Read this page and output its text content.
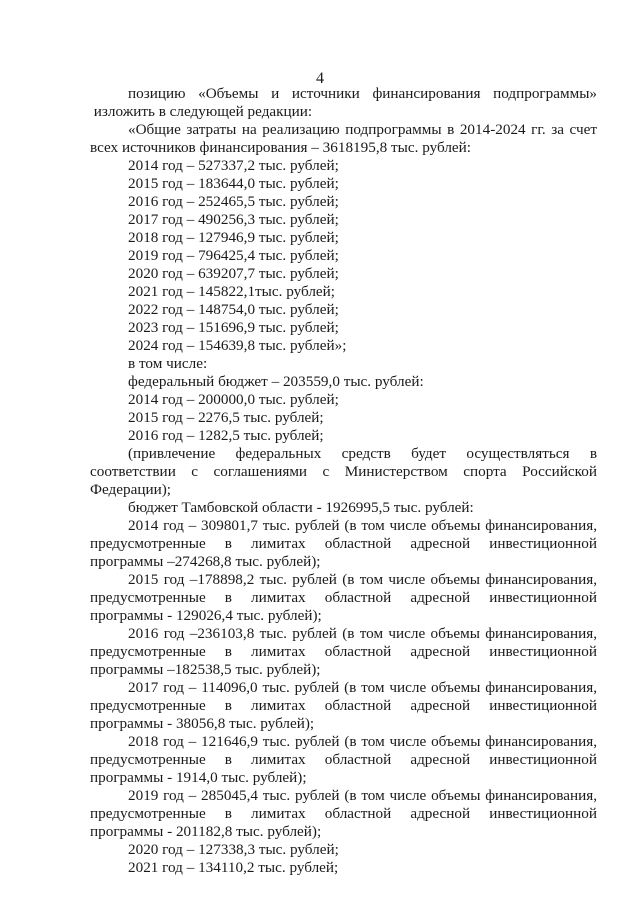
4

позицию «Объемы и источники финансирования подпрограммы»

изложить в следующей редакции:

«Общие затраты на реализацию подпрограммы в 2014-2024 гг. за счет

всех источников финансирования – 3618195,8 тыс. рублей:

2014 год – 527337,2 тыс. рублей;
2015 год – 183644,0 тыс. рублей;
2016 год – 252465,5 тыс. рублей;
2017 год – 490256,3 тыс. рублей;
2018 год – 127946,9 тыс. рублей;
2019 год – 796425,4 тыс. рублей;
2020 год – 639207,7 тыс. рублей;
2021 год – 145822,1тыс. рублей;
2022 год – 148754,0 тыс. рублей;
2023 год – 151696,9 тыс. рублей;
2024 год – 154639,8 тыс. рублей»;
в том числе:
федеральный бюджет – 203559,0 тыс. рублей:
2014 год – 200000,0 тыс. рублей;
2015 год – 2276,5 тыс. рублей;
2016 год – 1282,5 тыс. рублей;

(привлечение федеральных средств будет осуществляться в

соответствии с соглашениями с Министерством спорта Российской

Федерации);

бюджет Тамбовской области - 1926995,5 тыс. рублей:

2014 год – 309801,7 тыс. рублей (в том числе объемы финансирования,

предусмотренные в лимитах областной адресной инвестиционной

программы –274268,8 тыс. рублей);

2015 год –178898,2 тыс. рублей (в том числе объемы финансирования,

предусмотренные в лимитах областной адресной инвестиционной

программы - 129026,4 тыс. рублей);

2016 год –236103,8 тыс. рублей (в том числе объемы финансирования,

предусмотренные в лимитах областной адресной инвестиционной

программы –182538,5 тыс. рублей);

2017 год – 114096,0 тыс. рублей (в том числе объемы финансирования,

предусмотренные в лимитах областной адресной инвестиционной

программы - 38056,8 тыс. рублей);

2018 год – 121646,9 тыс. рублей (в том числе объемы финансирования,

предусмотренные в лимитах областной адресной инвестиционной

программы - 1914,0 тыс. рублей);

2019 год – 285045,4 тыс. рублей (в том числе объемы финансирования,

предусмотренные в лимитах областной адресной инвестиционной

программы - 201182,8 тыс. рублей);

2020 год – 127338,3 тыс. рублей;
2021 год – 134110,2 тыс. рублей;
